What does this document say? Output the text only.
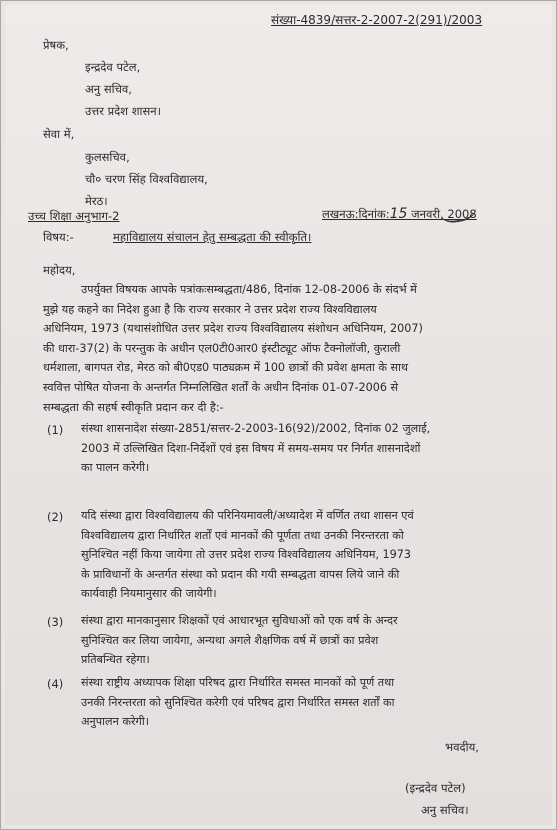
संख्या-4839/सत्तर-2-2007-2(291)/2003
प्रेषक,
इन्द्रदेव पटेल,
अनु सचिव,
उत्तर प्रदेश शासन।
सेवा में,
कुलसचिव,
चौ० चरण सिंह विश्वविद्यालय,
मेरठ।
उच्च शिक्षा अनुभाग-2	लखनऊ:दिनांक:15 जनवरी, 2008
विषय:-	महाविद्यालय संचालन हेतु सम्बद्धता की स्वीकृति।
महोदय,
उपर्युक्त विषयक आपके पत्रांकःसम्बद्धता/486, दिनांक 12-08-2006 के संदर्भ में
मुझे यह कहने का निदेश हुआ है कि राज्य सरकार ने उत्तर प्रदेश राज्य विश्वविद्यालय
अधिनियम, 1973 (यथासंशोधित उत्तर प्रदेश राज्य विश्वविद्यालय संशोधन अधिनियम, 2007)
की धारा-37(2) के परन्तुक के अधीन एल0टी0आर0 इंस्टीट्यूट ऑफ टैक्नोलॉजी, कुराली
धर्मशाला, बागपत रोड, मेरठ को बी0एड0 पाठ्यक्रम में 100 छात्रों की प्रवेश क्षमता के साथ
स्ववित्त पोषित योजना के अन्तर्गत निम्नलिखित शर्तों के अधीन दिनांक 01-07-2006 से
सम्बद्धता की सहर्ष स्वीकृति प्रदान कर दी है:-
(1) संस्था शासनादेश संख्या-2851/सत्तर-2-2003-16(92)/2002, दिनांक 02 जुलाई,
2003 में उल्लिखित दिशा-निर्देशों एवं इस विषय में समय-समय पर निर्गत शासनादेशों
का पालन करेगी।
(2) यदि संस्था द्वारा विश्वविद्यालय की परिनियमावली/अध्यादेश में वर्णित तथा शासन एवं
विश्वविद्यालय द्वारा निर्धारित शर्तों एवं मानकों की पूर्णता तथा उनकी निरन्तरता को
सुनिश्चित नहीं किया जायेगा तो उत्तर प्रदेश राज्य विश्वविद्यालय अधिनियम, 1973
के प्राविधानों के अन्तर्गत संस्था को प्रदान की गयी सम्बद्धता वापस लिये जाने की
कार्यवाही नियमानुसार की जायेगी।
(3) संस्था द्वारा मानकानुसार शिक्षकों एवं आधारभूत सुविधाओं को एक वर्ष के अन्दर
सुनिश्चित कर लिया जायेगा, अन्यथा अगले शैक्षणिक वर्ष में छात्रों का प्रवेश
प्रतिबन्धित रहेगा।
(4) संस्था राष्ट्रीय अध्यापक शिक्षा परिषद द्वारा निर्धारित समस्त मानकों को पूर्ण तथा
उनकी निरन्तरता को सुनिश्चित करेगी एवं परिषद द्वारा निर्धारित समस्त शर्तों का
अनुपालन करेगी।
भवदीय,
(इन्द्रदेव पटेल)
अनु सचिव।
